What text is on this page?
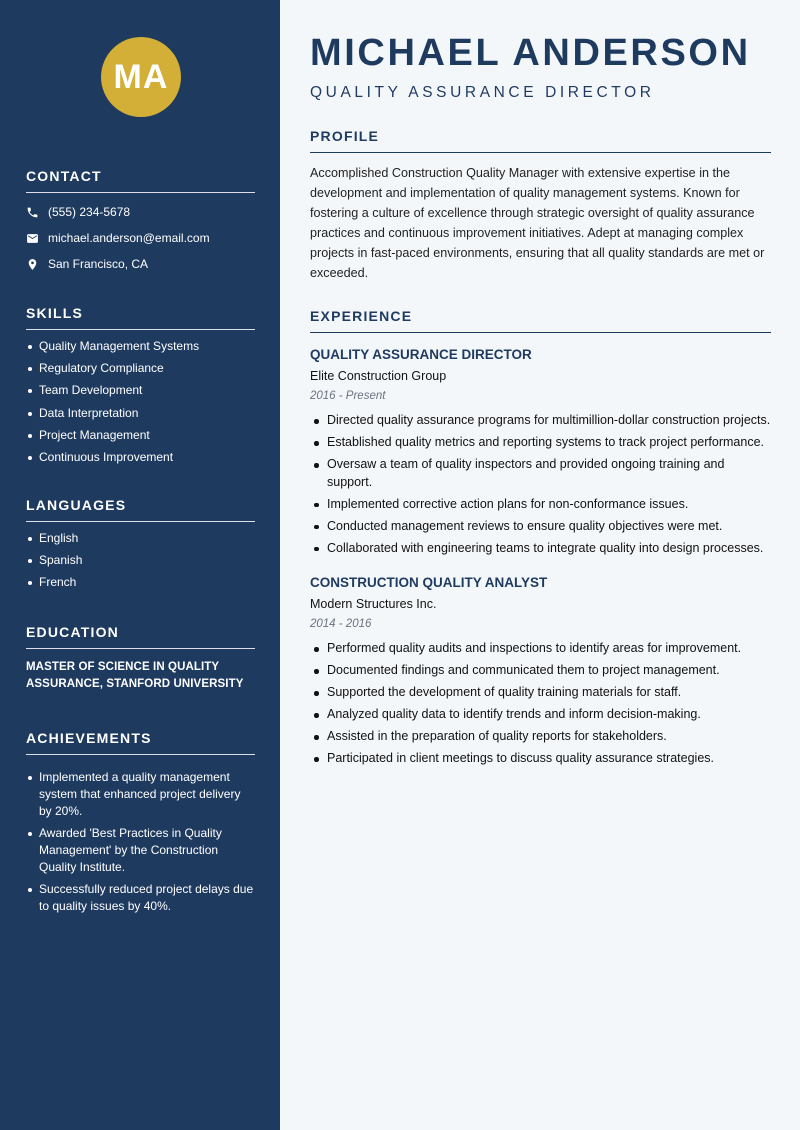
MA
CONTACT
(555) 234-5678
michael.anderson@email.com
San Francisco, CA
SKILLS
Quality Management Systems
Regulatory Compliance
Team Development
Data Interpretation
Project Management
Continuous Improvement
LANGUAGES
English
Spanish
French
EDUCATION
MASTER OF SCIENCE IN QUALITY ASSURANCE, STANFORD UNIVERSITY
ACHIEVEMENTS
Implemented a quality management system that enhanced project delivery by 20%.
Awarded 'Best Practices in Quality Management' by the Construction Quality Institute.
Successfully reduced project delays due to quality issues by 40%.
MICHAEL ANDERSON
QUALITY ASSURANCE DIRECTOR
PROFILE

Accomplished Construction Quality Manager with extensive expertise in the development and implementation of quality management systems. Known for fostering a culture of excellence through strategic oversight of quality assurance practices and continuous improvement initiatives. Adept at managing complex projects in fast-paced environments, ensuring that all quality standards are met or exceeded.

EXPERIENCE
QUALITY ASSURANCE DIRECTOR
Elite Construction Group
2016 - Present
Directed quality assurance programs for multimillion-dollar construction projects.
Established quality metrics and reporting systems to track project performance.
Oversaw a team of quality inspectors and provided ongoing training and support.
Implemented corrective action plans for non-conformance issues.
Conducted management reviews to ensure quality objectives were met.
Collaborated with engineering teams to integrate quality into design processes.
CONSTRUCTION QUALITY ANALYST
Modern Structures Inc.
2014 - 2016
Performed quality audits and inspections to identify areas for improvement.
Documented findings and communicated them to project management.
Supported the development of quality training materials for staff.
Analyzed quality data to identify trends and inform decision-making.
Assisted in the preparation of quality reports for stakeholders.
Participated in client meetings to discuss quality assurance strategies.
